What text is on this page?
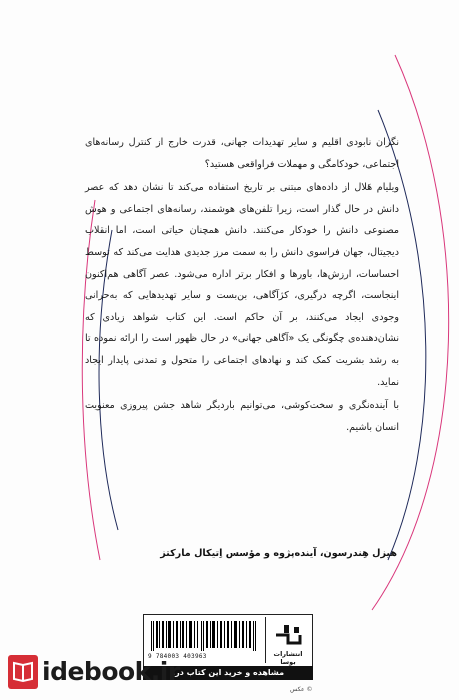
نگران نابودی اقلیم و سایر تهدیدات جهانی، قدرت خارج از کنترل رسانه‌های اجتماعی، خودکامگی و مهملات فراواقعی هستید؟

ویلیام هَلال از داده‌های مبتنی بر تاریخ استفاده می‌کند تا نشان دهد که عصر دانش در حال گذار است، زیرا تلفن‌های هوشمند، رسانه‌های اجتماعی و هوش مصنوعی دانش را خودکار می‌کنند. دانش همچنان حیاتی است، اما انقلاب دیجیتال، جهان فراسوی دانش را به سمت مرز جدیدی هدایت می‌کند که توسط احساسات، ارزش‌ها، باورها و افکار برتر اداره می‌شود. عصر آگاهی هم‌اکنون اینجاست، اگرچه درگیری، کژآگاهی، بن‌بست و سایر تهدیدهایی که به‌حرانی وجودی ایجاد می‌کنند، بر آن حاکم است. این کتاب شواهد زیادی که نشان‌دهنده‌ی چگونگی یک «آگاهی جهانی» در حال ظهور است را ارائه نموده تا به رشد بشریت کمک کند و نهادهای اجتماعی را متحول و تمدنی پایدار ایجاد نماید.

با آینده‌نگری و سخت‌کوشی، می‌توانیم باردیگر شاهد جشن پیروزی معنویت انسان باشیم.

هیزل هِندرسون، آینده‌پژوه و مؤسس اِتیکال مارکتز
9 784003 403963	انتشارات بوسا
مشاهده و خرید این کتاب در:
© عکس
idebook.ir
